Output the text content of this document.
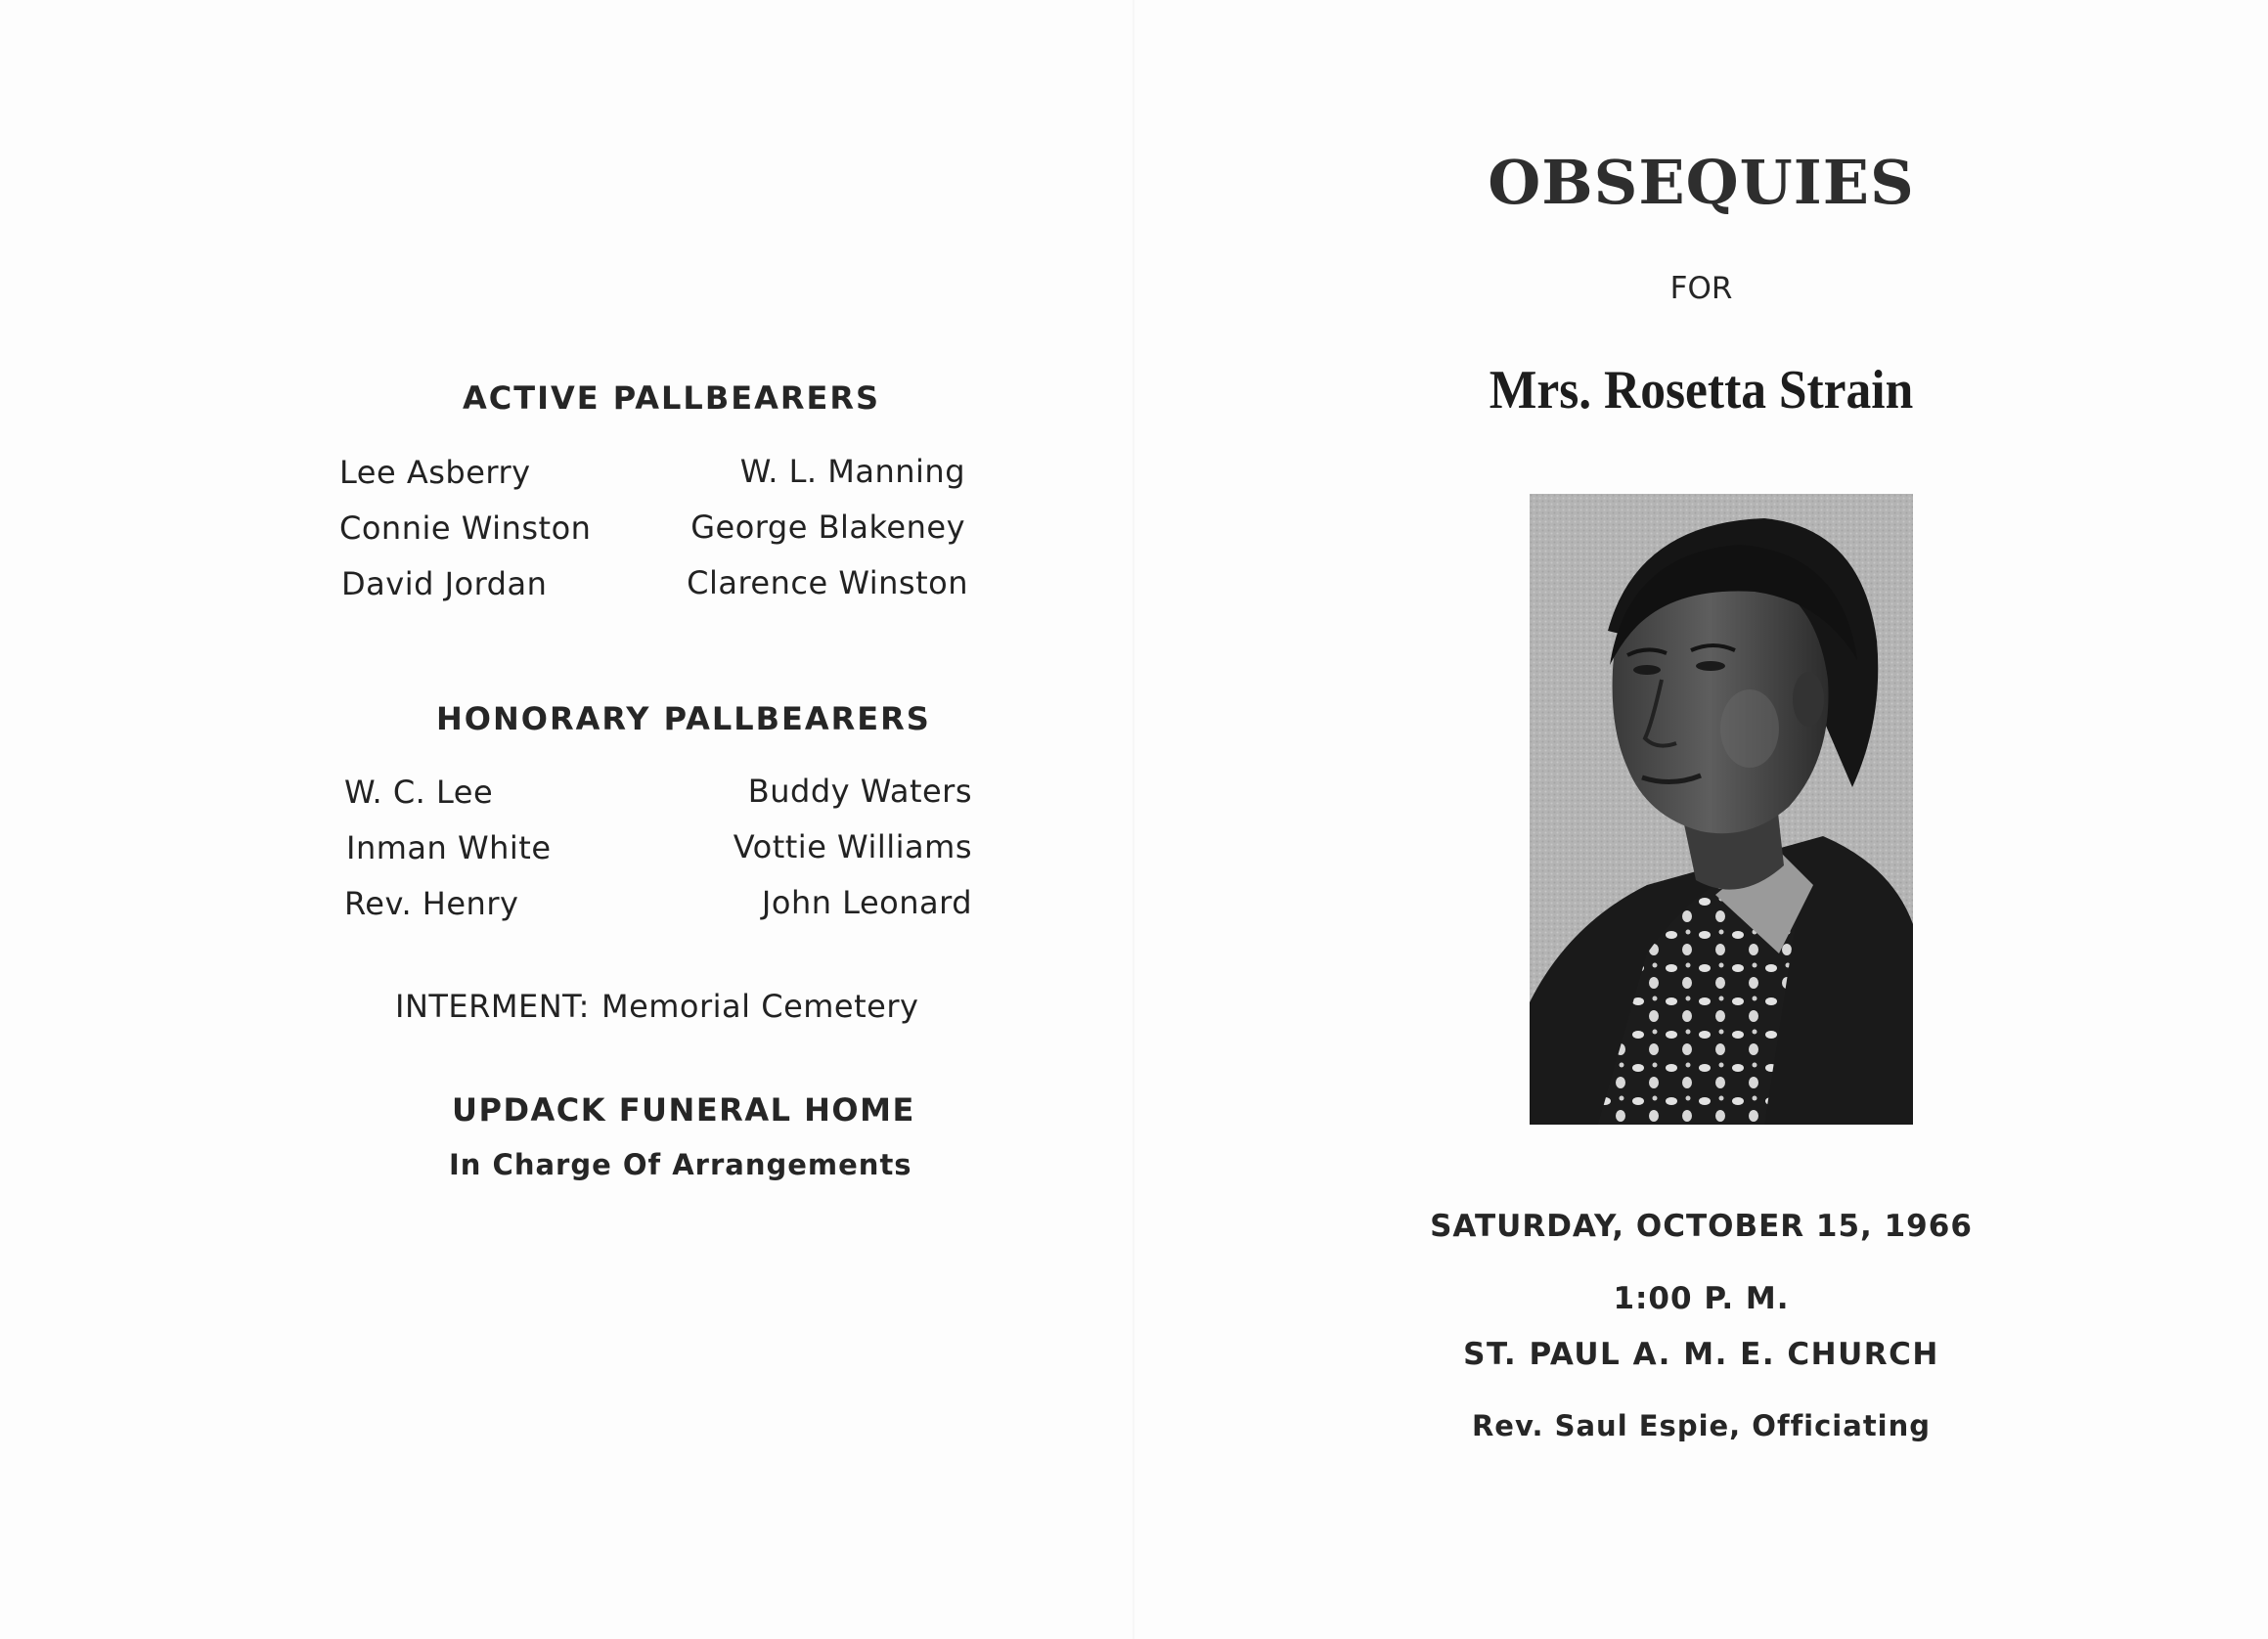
ACTIVE PALLBEARERS
Lee Asberry
Connie Winston
David Jordan
W. L. Manning
George Blakeney
Clarence Winston
HONORARY PALLBEARERS
W. C. Lee
Inman White
Rev. Henry
Buddy Waters
Vottie Williams
John Leonard
INTERMENT: Memorial Cemetery
UPDACK FUNERAL HOME
In Charge Of Arrangements
OBSEQUIES
FOR
Mrs. Rosetta Strain
SATURDAY, OCTOBER 15, 1966
1:00 P. M.
ST. PAUL A. M. E. CHURCH
Rev. Saul Espie, Officiating
